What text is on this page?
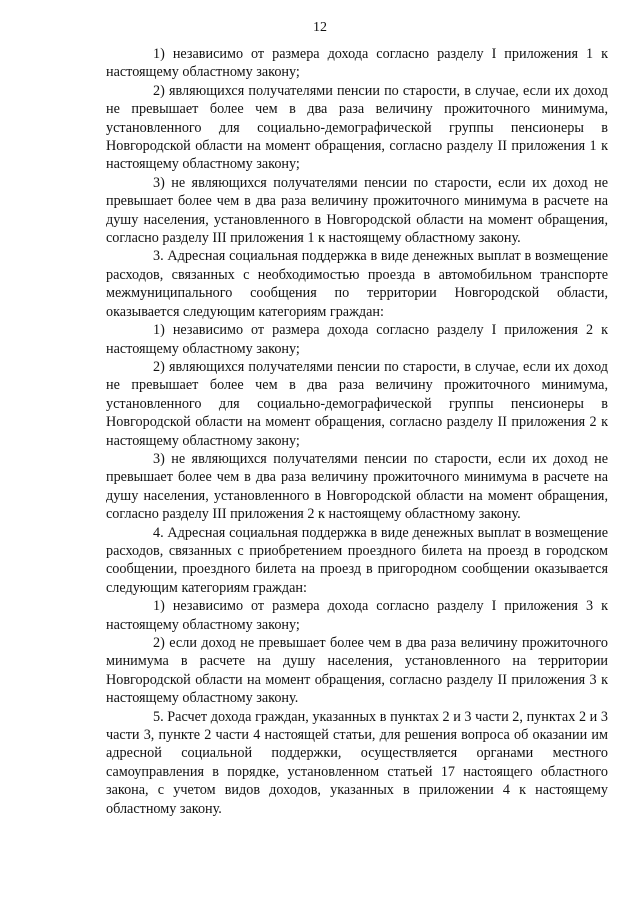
12

1) независимо от размера дохода согласно разделу I приложения 1 к настоящему областному закону;

2) являющихся получателями пенсии по старости, в случае, если их доход не превышает более чем в два раза величину прожиточного минимума, установленного для социально-демографической группы пенсионеры в Новгородской области на момент обращения, согласно разделу II приложения 1 к настоящему областному закону;

3) не являющихся получателями пенсии по старости, если их доход не превышает более чем в два раза величину прожиточного минимума в расчете на душу населения, установленного в Новгородской области на момент обращения, согласно разделу III приложения 1 к настоящему областному закону.

3. Адресная социальная поддержка в виде денежных выплат в возмещение расходов, связанных с необходимостью проезда в автомобильном транспорте межмуниципального сообщения по территории Новгородской области, оказывается следующим категориям граждан:

1) независимо от размера дохода согласно разделу I приложения 2 к настоящему областному закону;

2) являющихся получателями пенсии по старости, в случае, если их доход не превышает более чем в два раза величину прожиточного минимума, установленного для социально-демографической группы пенсионеры в Новгородской области на момент обращения, согласно разделу II приложения 2 к настоящему областному закону;

3) не являющихся получателями пенсии по старости, если их доход не превышает более чем в два раза величину прожиточного минимума в расчете на душу населения, установленного в Новгородской области на момент обращения, согласно разделу III приложения 2 к настоящему областному закону.

4. Адресная социальная поддержка в виде денежных выплат в возмещение расходов, связанных с приобретением проездного билета на проезд в городском сообщении, проездного билета на проезд в пригородном сообщении оказывается следующим категориям граждан:

1) независимо от размера дохода согласно разделу I приложения 3 к настоящему областному закону;

2) если доход не превышает более чем в два раза величину прожиточного минимума в расчете на душу населения, установленного на территории Новгородской области на момент обращения, согласно разделу II приложения 3 к настоящему областному закону.

5. Расчет дохода граждан, указанных в пунктах 2 и 3 части 2, пунктах 2 и 3 части 3, пункте 2 части 4 настоящей статьи, для решения вопроса об оказании им адресной социальной поддержки, осуществляется органами местного самоуправления в порядке, установленном статьей 17 настоящего областного закона, с учетом видов доходов, указанных в приложении 4 к настоящему областному закону.
